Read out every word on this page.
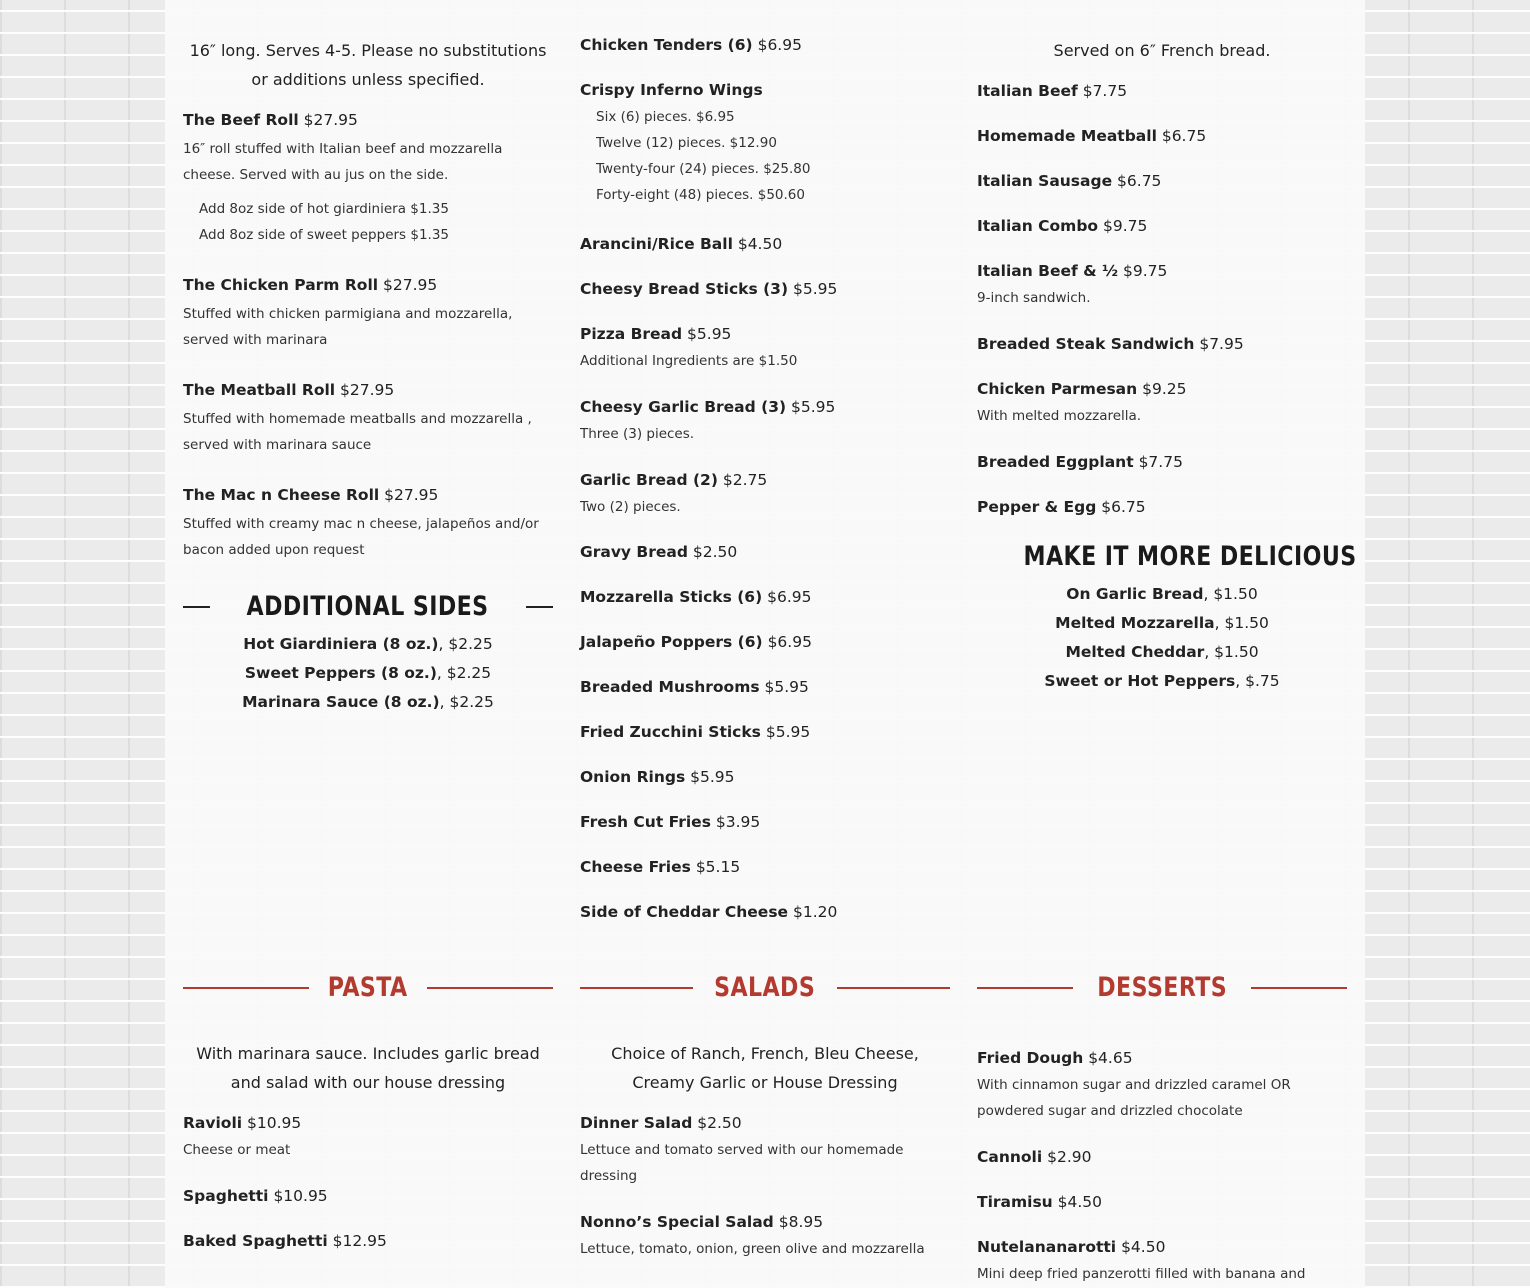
16″ long. Serves 4-5. Please no substitutions or additions unless specified.

The Beef Roll $27.95

16″ roll stuffed with Italian beef and mozzarella cheese. Served with au jus on the side.

Add 8oz side of hot giardiniera $1.35

Add 8oz side of sweet peppers $1.35

The Chicken Parm Roll $27.95

Stuffed with chicken parmigiana and mozzarella, served with marinara

The Meatball Roll $27.95

Stuffed with homemade meatballs and mozzarella , served with marinara sauce

The Mac n Cheese Roll $27.95

Stuffed with creamy mac n cheese, jalapeños and/or bacon added upon request

ADDITIONAL SIDES

Hot Giardiniera (8 oz.), $2.25

Sweet Peppers (8 oz.), $2.25

Marinara Sauce (8 oz.), $2.25

Chicken Tenders (6) $6.95

Crispy Inferno Wings

Six (6) pieces. $6.95

Twelve (12) pieces. $12.90

Twenty-four (24) pieces. $25.80

Forty-eight (48) pieces. $50.60

Arancini/Rice Ball $4.50

Cheesy Bread Sticks (3) $5.95

Pizza Bread $5.95

Additional Ingredients are $1.50

Cheesy Garlic Bread (3) $5.95

Three (3) pieces.

Garlic Bread (2) $2.75

Two (2) pieces.

Gravy Bread $2.50

Mozzarella Sticks (6) $6.95

Jalapeño Poppers (6) $6.95

Breaded Mushrooms $5.95

Fried Zucchini Sticks $5.95

Onion Rings $5.95

Fresh Cut Fries $3.95

Cheese Fries $5.15

Side of Cheddar Cheese $1.20

Served on 6″ French bread.

Italian Beef $7.75

Homemade Meatball $6.75

Italian Sausage $6.75

Italian Combo $9.75

Italian Beef & ½ $9.75

9-inch sandwich.

Breaded Steak Sandwich $7.95

Chicken Parmesan $9.25

With melted mozzarella.

Breaded Eggplant $7.75

Pepper & Egg $6.75

MAKE IT MORE DELICIOUS

On Garlic Bread, $1.50

Melted Mozzarella, $1.50

Melted Cheddar, $1.50

Sweet or Hot Peppers, $.75

PASTA

With marinara sauce. Includes garlic bread and salad with our house dressing

Ravioli $10.95

Cheese or meat

Spaghetti $10.95

Baked Spaghetti $12.95

SALADS

Choice of Ranch, French, Bleu Cheese, Creamy Garlic or House Dressing

Dinner Salad $2.50

Lettuce and tomato served with our homemade dressing

Nonno’s Special Salad $8.95

Lettuce, tomato, onion, green olive and mozzarella

DESSERTS

Fried Dough $4.65

With cinnamon sugar and drizzled caramel OR powdered sugar and drizzled chocolate

Cannoli $2.90

Tiramisu $4.50

Nutelananarotti $4.50

Mini deep fried panzerotti filled with banana and
